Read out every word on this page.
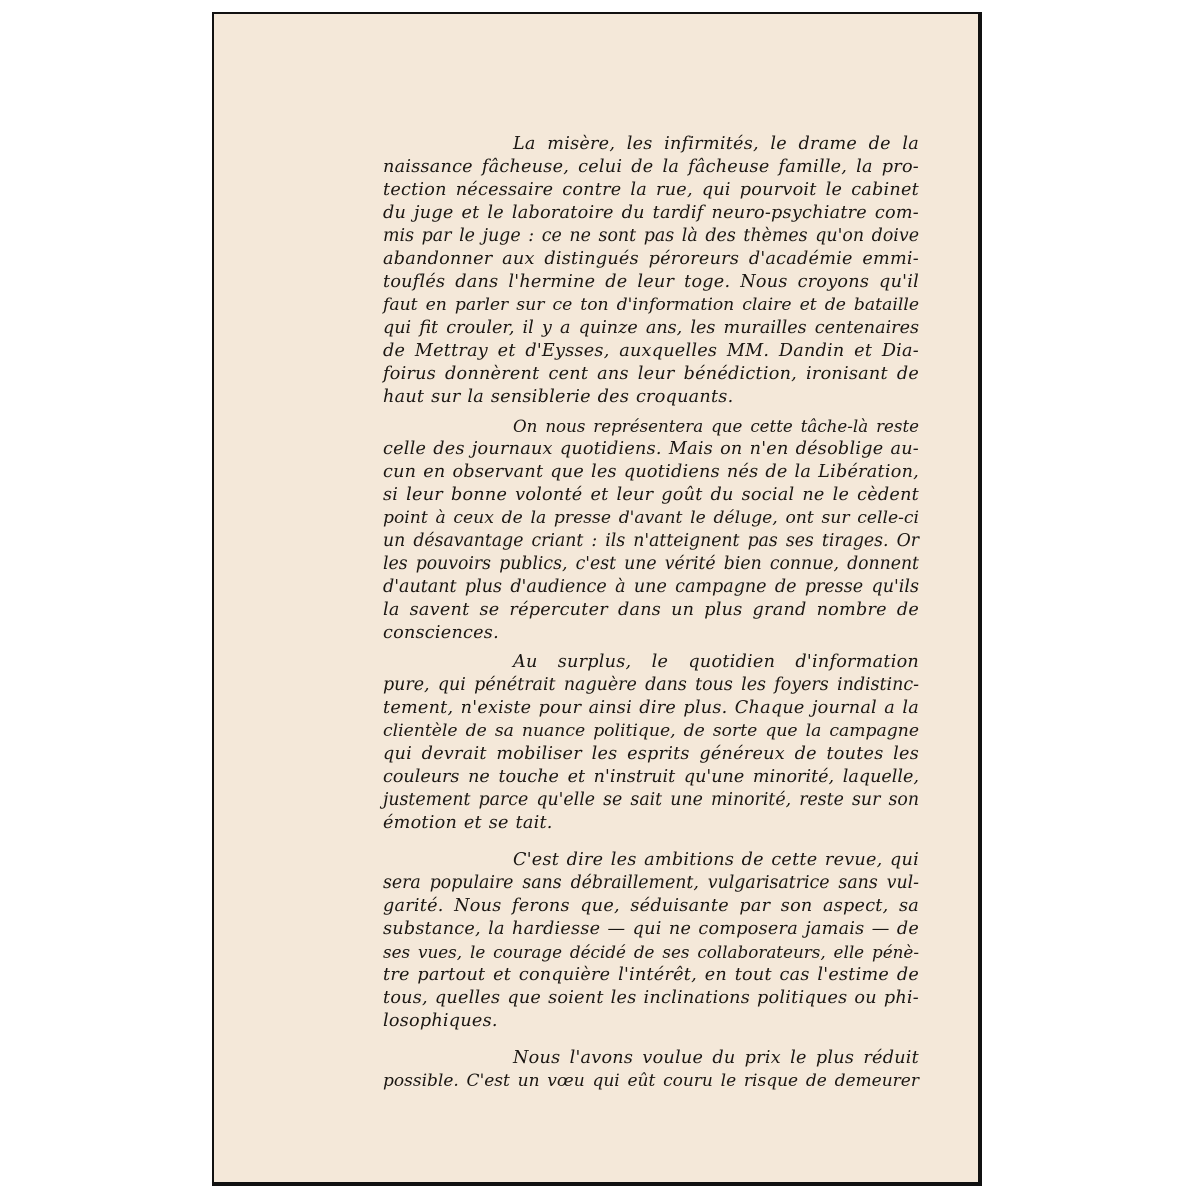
La misère, les infirmités, le drame de la
naissance fâcheuse, celui de la fâcheuse famille, la pro-
tection nécessaire contre la rue, qui pourvoit le cabinet
du juge et le laboratoire du tardif neuro-psychiatre com-
mis par le juge : ce ne sont pas là des thèmes qu'on doive
abandonner aux distingués péroreurs d'académie emmi-
touflés dans l'hermine de leur toge. Nous croyons qu'il
faut en parler sur ce ton d'information claire et de bataille
qui fit crouler, il y a quinze ans, les murailles centenaires
de Mettray et d'Eysses, auxquelles MM. Dandin et Dia-
foirus donnèrent cent ans leur bénédiction, ironisant de
haut sur la sensiblerie des croquants.
On nous représentera que cette tâche-là reste
celle des journaux quotidiens. Mais on n'en désoblige au-
cun en observant que les quotidiens nés de la Libération,
si leur bonne volonté et leur goût du social ne le cèdent
point à ceux de la presse d'avant le déluge, ont sur celle-ci
un désavantage criant : ils n'atteignent pas ses tirages. Or
les pouvoirs publics, c'est une vérité bien connue, donnent
d'autant plus d'audience à une campagne de presse qu'ils
la savent se répercuter dans un plus grand nombre de
consciences.
Au surplus, le quotidien d'information
pure, qui pénétrait naguère dans tous les foyers indistinc-
tement, n'existe pour ainsi dire plus. Chaque journal a la
clientèle de sa nuance politique, de sorte que la campagne
qui devrait mobiliser les esprits généreux de toutes les
couleurs ne touche et n'instruit qu'une minorité, laquelle,
justement parce qu'elle se sait une minorité, reste sur son
émotion et se tait.
C'est dire les ambitions de cette revue, qui
sera populaire sans débraillement, vulgarisatrice sans vul-
garité. Nous ferons que, séduisante par son aspect, sa
substance, la hardiesse — qui ne composera jamais — de
ses vues, le courage décidé de ses collaborateurs, elle pénè-
tre partout et conquière l'intérêt, en tout cas l'estime de
tous, quelles que soient les inclinations politiques ou phi-
losophiques.
Nous l'avons voulue du prix le plus réduit
possible. C'est un vœu qui eût couru le risque de demeurer
